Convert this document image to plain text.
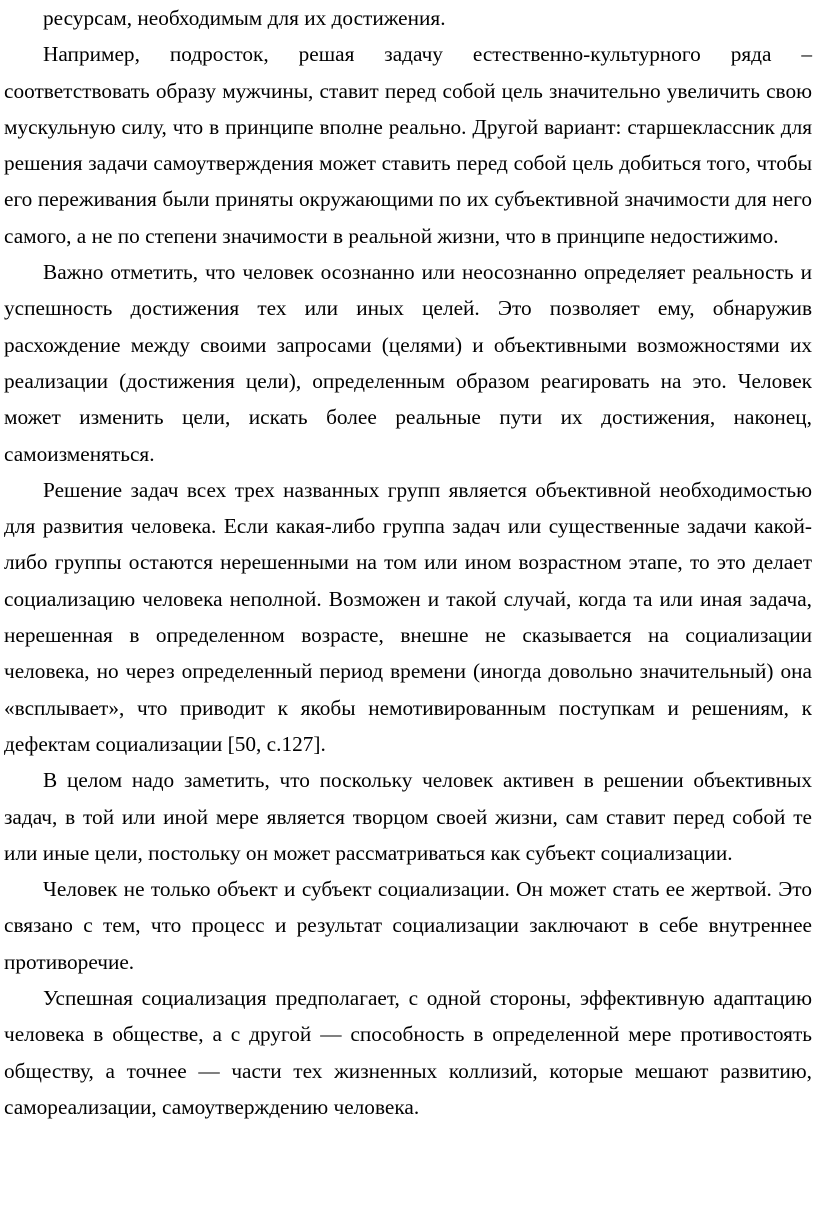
ресурсам, необходимым для их достижения.

Например, подросток, решая задачу естественно-культурного ряда – соответствовать образу мужчины, ставит перед собой цель значительно увеличить свою мускульную силу, что в принципе вполне реально. Другой вариант: старшеклассник для решения задачи самоутверждения может ставить перед собой цель добиться того, чтобы его переживания были приняты окружающими по их субъективной значимости для него самого, а не по степени значимости в реальной жизни, что в принципе недостижимо.

Важно отметить, что человек осознанно или неосознанно определяет реальность и успешность достижения тех или иных целей. Это позволяет ему, обнаружив расхождение между своими запросами (целями) и объективными возможностями их реализации (достижения цели), определенным образом реагировать на это. Человек может изменить цели, искать более реальные пути их достижения, наконец, самоизменяться.

Решение задач всех трех названных групп является объективной необходимостью для развития человека. Если какая-либо группа задач или существенные задачи какой-либо группы остаются нерешенными на том или ином возрастном этапе, то это делает социализацию человека неполной. Возможен и такой случай, когда та или иная задача, нерешенная в определенном возрасте, внешне не сказывается на социализации человека, но через определенный период времени (иногда довольно значительный) она «всплывает», что приводит к якобы немотивированным поступкам и решениям, к дефектам социализации [50, с.127].

В целом надо заметить, что поскольку человек активен в решении объективных задач, в той или иной мере является творцом своей жизни, сам ставит перед собой те или иные цели, постольку он может рассматриваться как субъект социализации.

Человек не только объект и субъект социализации. Он может стать ее жертвой. Это связано с тем, что процесс и результат социализации заключают в себе внутреннее противоречие.

Успешная социализация предполагает, с одной стороны, эффективную адаптацию человека в обществе, а с другой — способность в определенной мере противостоять обществу, а точнее — части тех жизненных коллизий, которые мешают развитию, самореализации, самоутверждению человека.
